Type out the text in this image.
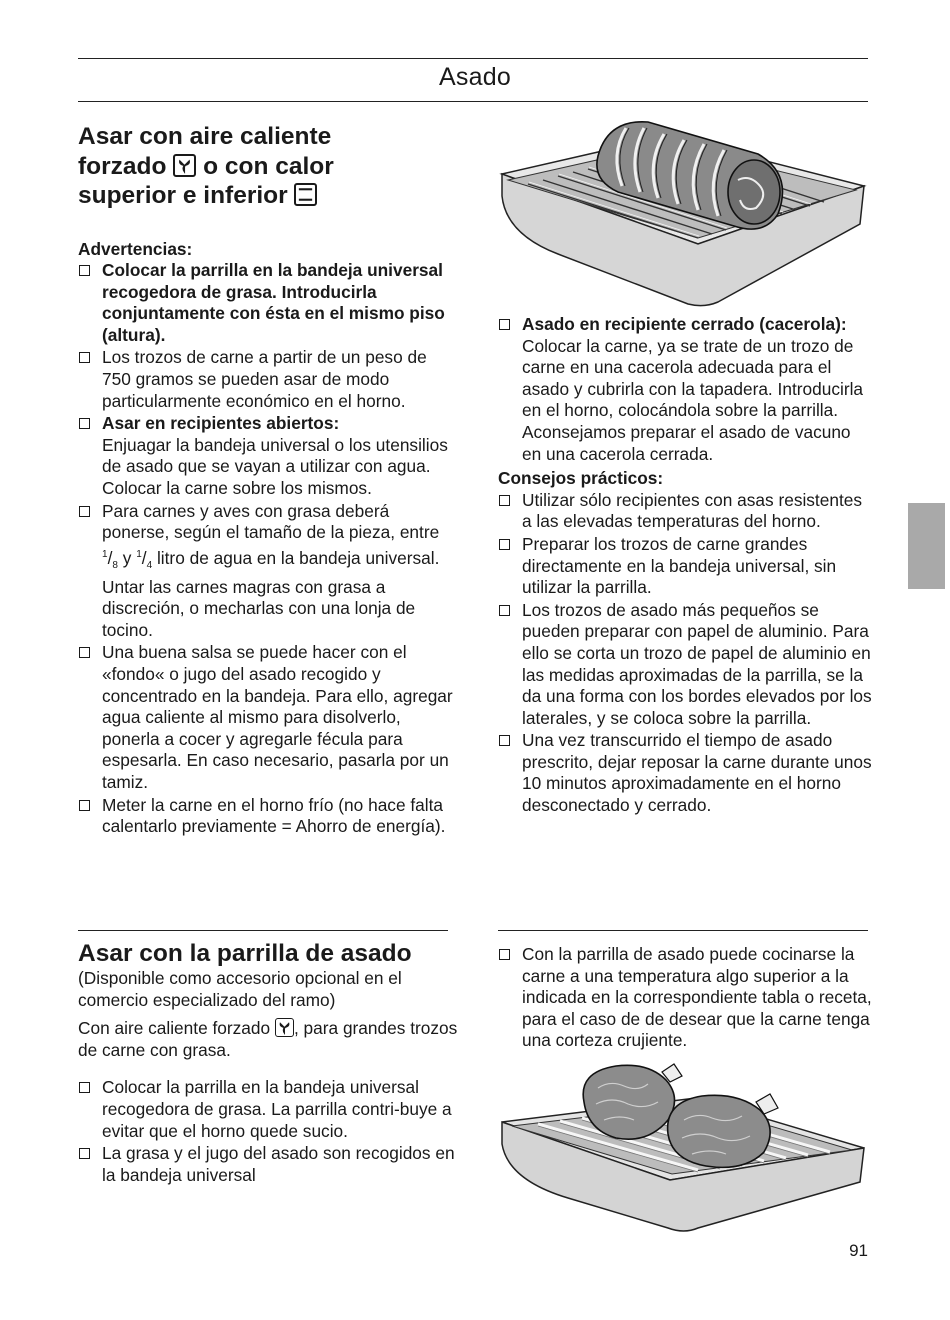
Asado
Asar con aire caliente
forzado o con calor
superior e inferior
Advertencias:
Colocar la parrilla en la bandeja universal recogedora de grasa. Introducirla conjuntamente con ésta en el mismo piso (altura).
Los trozos de carne a partir de un peso de 750 gramos se pueden asar de modo particularmente económico en el horno.
Asar en recipientes abiertos:
Enjuagar la bandeja universal o los utensilios de asado que se vayan a utilizar con agua. Colocar la carne sobre los mismos.
Para carnes y aves con grasa deberá ponerse, según el tamaño de la pieza, entre $^1/_8$ y $^1/_4$ litro de agua en la bandeja universal. Untar las carnes magras con grasa a discreción, o mecharlas con una lonja de tocino.
Una buena salsa se puede hacer con el «fondo« o jugo del asado recogido y concentrado en la bandeja. Para ello, agregar agua caliente al mismo para disolverlo, ponerla a cocer y agregarle fécula para espesarla. En caso necesario, pasarla por un tamiz.
Meter la carne en el horno frío (no hace falta calentarlo previamente = Ahorro de energía).
Asado en recipiente cerrado (cacerola):
Colocar la carne, ya se trate de un trozo de carne en una cacerola adecuada para el asado y cubrirla con la tapadera. Introducirla en el horno, colocándola sobre la parrilla.
Aconsejamos preparar el asado de vacuno en una cacerola cerrada.
Consejos prácticos:
Utilizar sólo recipientes con asas resistentes a las elevadas temperaturas del horno.
Preparar los trozos de carne grandes directamente en la bandeja universal, sin utilizar la parrilla.
Los trozos de asado más pequeños se pueden preparar con papel de aluminio. Para ello se corta un trozo de papel de aluminio en las medidas aproximadas de la parrilla, se la da una forma con los bordes elevados por los laterales, y se coloca sobre la parrilla.
Una vez transcurrido el tiempo de asado prescrito, dejar reposar la carne durante unos 10 minutos aproximadamente en el horno desconectado y cerrado.
Asar con la parrilla de asado

(Disponible como accesorio opcional en el comercio especializado del ramo)

Con aire caliente forzado , para grandes trozos de carne con grasa.

Colocar la parrilla en la bandeja universal recogedora de grasa. La parrilla contri-buye a evitar que el horno quede sucio.
La grasa y el jugo del asado son recogidos en la bandeja universal
Con la parrilla de asado puede cocinarse la carne a una temperatura algo superior a la indicada en la correspondiente tabla o receta, para el caso de de desear que la carne tenga una corteza crujiente.
91
